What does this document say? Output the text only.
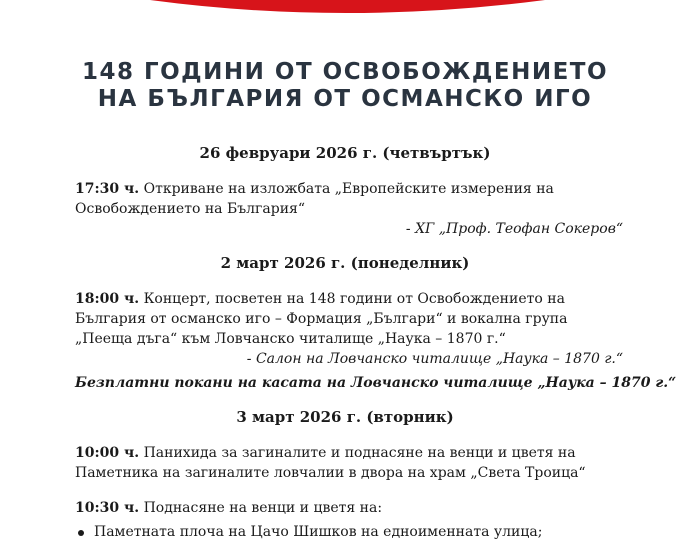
148 ГОДИНИ ОТ ОСВОБОЖДЕНИЕТО
НА БЪЛГАРИЯ ОТ ОСМАНСКО ИГО
26 февруари 2026 г. (четвъртък)
17:30 ч. Откриване на изложбата „Европейските измерения на
Освобождението на България“
- ХГ „Проф. Теофан Сокеров“
2 март 2026 г. (понеделник)
18:00 ч. Концерт, посветен на 148 години от Освобождението на
България от османско иго – Формация „Българи“ и вокална група
„Пееща дъга“ към Ловчанско читалище „Наука – 1870 г.“
- Салон на Ловчанско читалище „Наука – 1870 г.“
Безплатни покани на касата на Ловчанско читалище „Наука – 1870 г.“
3 март 2026 г. (вторник)
10:00 ч. Панихида за загиналите и поднасяне на венци и цветя на
Паметника на загиналите ловчалии в двора на храм „Света Троица“
10:30 ч. Поднасяне на венци и цветя на:
Паметната плоча на Цачо Шишков на едноименната улица;
